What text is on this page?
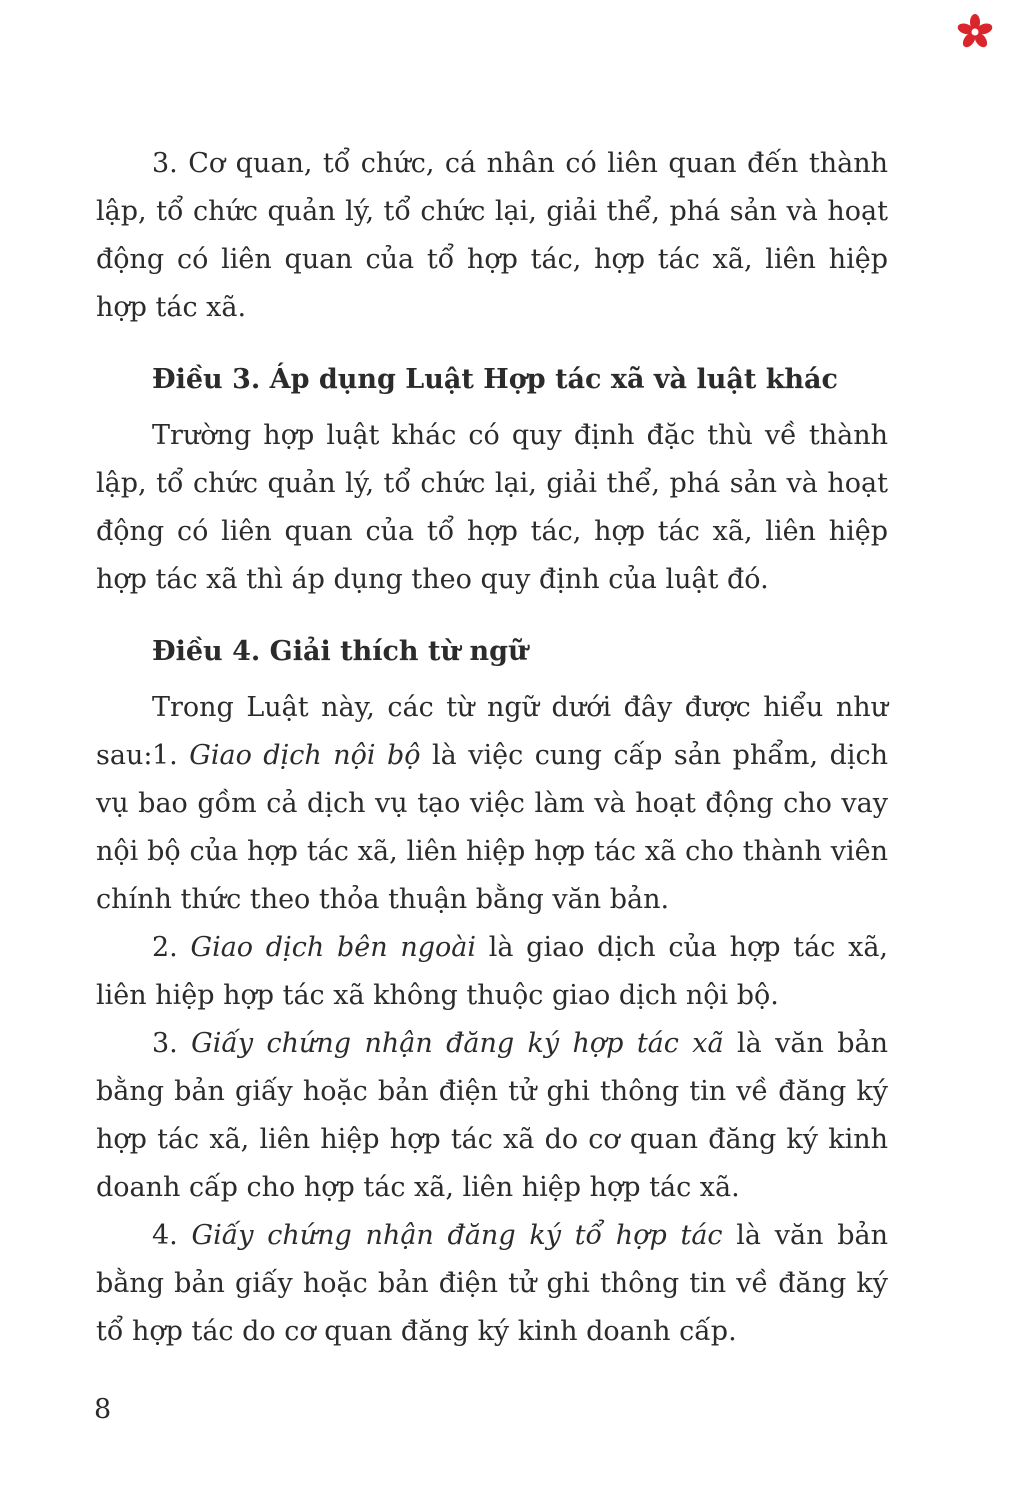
3. Cơ quan, tổ chức, cá nhân có liên quan đến thành lập, tổ chức quản lý, tổ chức lại, giải thể, phá sản và hoạt động có liên quan của tổ hợp tác, hợp tác xã, liên hiệp hợp tác xã.

Điều 3. Áp dụng Luật Hợp tác xã và luật khác

Trường hợp luật khác có quy định đặc thù về thành lập, tổ chức quản lý, tổ chức lại, giải thể, phá sản và hoạt động có liên quan của tổ hợp tác, hợp tác xã, liên hiệp hợp tác xã thì áp dụng theo quy định của luật đó.

Điều 4. Giải thích từ ngữ

Trong Luật này, các từ ngữ dưới đây được hiểu như sau: 1. Giao dịch nội bộ là việc cung cấp sản phẩm, dịch vụ bao gồm cả dịch vụ tạo việc làm và hoạt động cho vay nội bộ của hợp tác xã, liên hiệp hợp tác xã cho thành viên chính thức theo thỏa thuận bằng văn bản.

2. Giao dịch bên ngoài là giao dịch của hợp tác xã, liên hiệp hợp tác xã không thuộc giao dịch nội bộ.

3. Giấy chứng nhận đăng ký hợp tác xã là văn bản bằng bản giấy hoặc bản điện tử ghi thông tin về đăng ký hợp tác xã, liên hiệp hợp tác xã do cơ quan đăng ký kinh doanh cấp cho hợp tác xã, liên hiệp hợp tác xã.

4. Giấy chứng nhận đăng ký tổ hợp tác là văn bản bằng bản giấy hoặc bản điện tử ghi thông tin về đăng ký tổ hợp tác do cơ quan đăng ký kinh doanh cấp.

8
